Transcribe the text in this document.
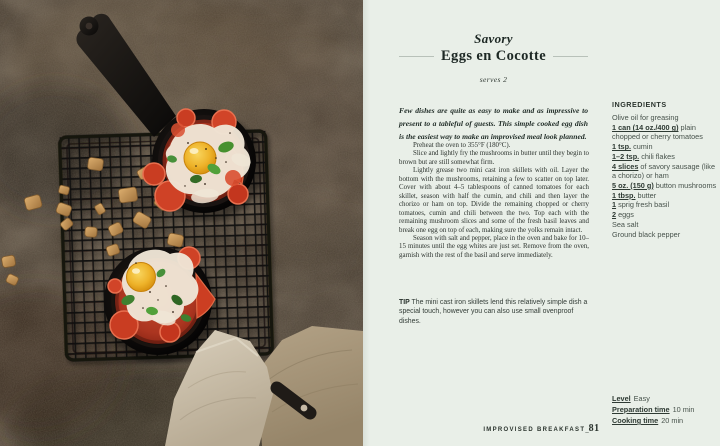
Savory
Eggs en Cocotte
serves 2

Few dishes are quite as easy to make and as impressive to present to a tableful of guests. This simple cooked egg dish is the easiest way to make an improvised meal look planned.

Preheat the oven to 355°F (180°C).

Slice and lightly fry the mushrooms in butter until they begin to brown but are still somewhat firm.

Lightly grease two mini cast iron skillets with oil. Layer the bottom with the mushrooms, retaining a few to scatter on top later. Cover with about 4–5 tablespoons of canned tomatoes for each skillet, season with half the cumin, and chili and then layer the chorizo or ham on top. Divide the remaining chopped or cherry tomatoes, cumin and chili between the two. Top each with the remaining mushroom slices and some of the fresh basil leaves and break one egg on top of each, making sure the yolks remain intact.

Season with salt and pepper, place in the oven and bake for 10–15 minutes until the egg whites are just set. Remove from the oven, garnish with the rest of the basil and serve immediately.

TIP The mini cast iron skillets lend this relatively simple dish a special touch, however you can also use small ovenproof dishes.

INGREDIENTS
Olive oil for greasing
1 can (14 oz./400 g) plain chopped or cherry tomatoes
1 tsp. cumin
1–2 tsp. chili flakes
4 slices of savory sausage (like a chorizo) or ham
5 oz. (150 g) button mushrooms
1 tbsp. butter
1 sprig fresh basil
2 eggs
Sea salt
Ground black pepper
Level Easy
Preparation time 10 min
Cooking time 20 min
IMPROVISED BREAKFAST_81
